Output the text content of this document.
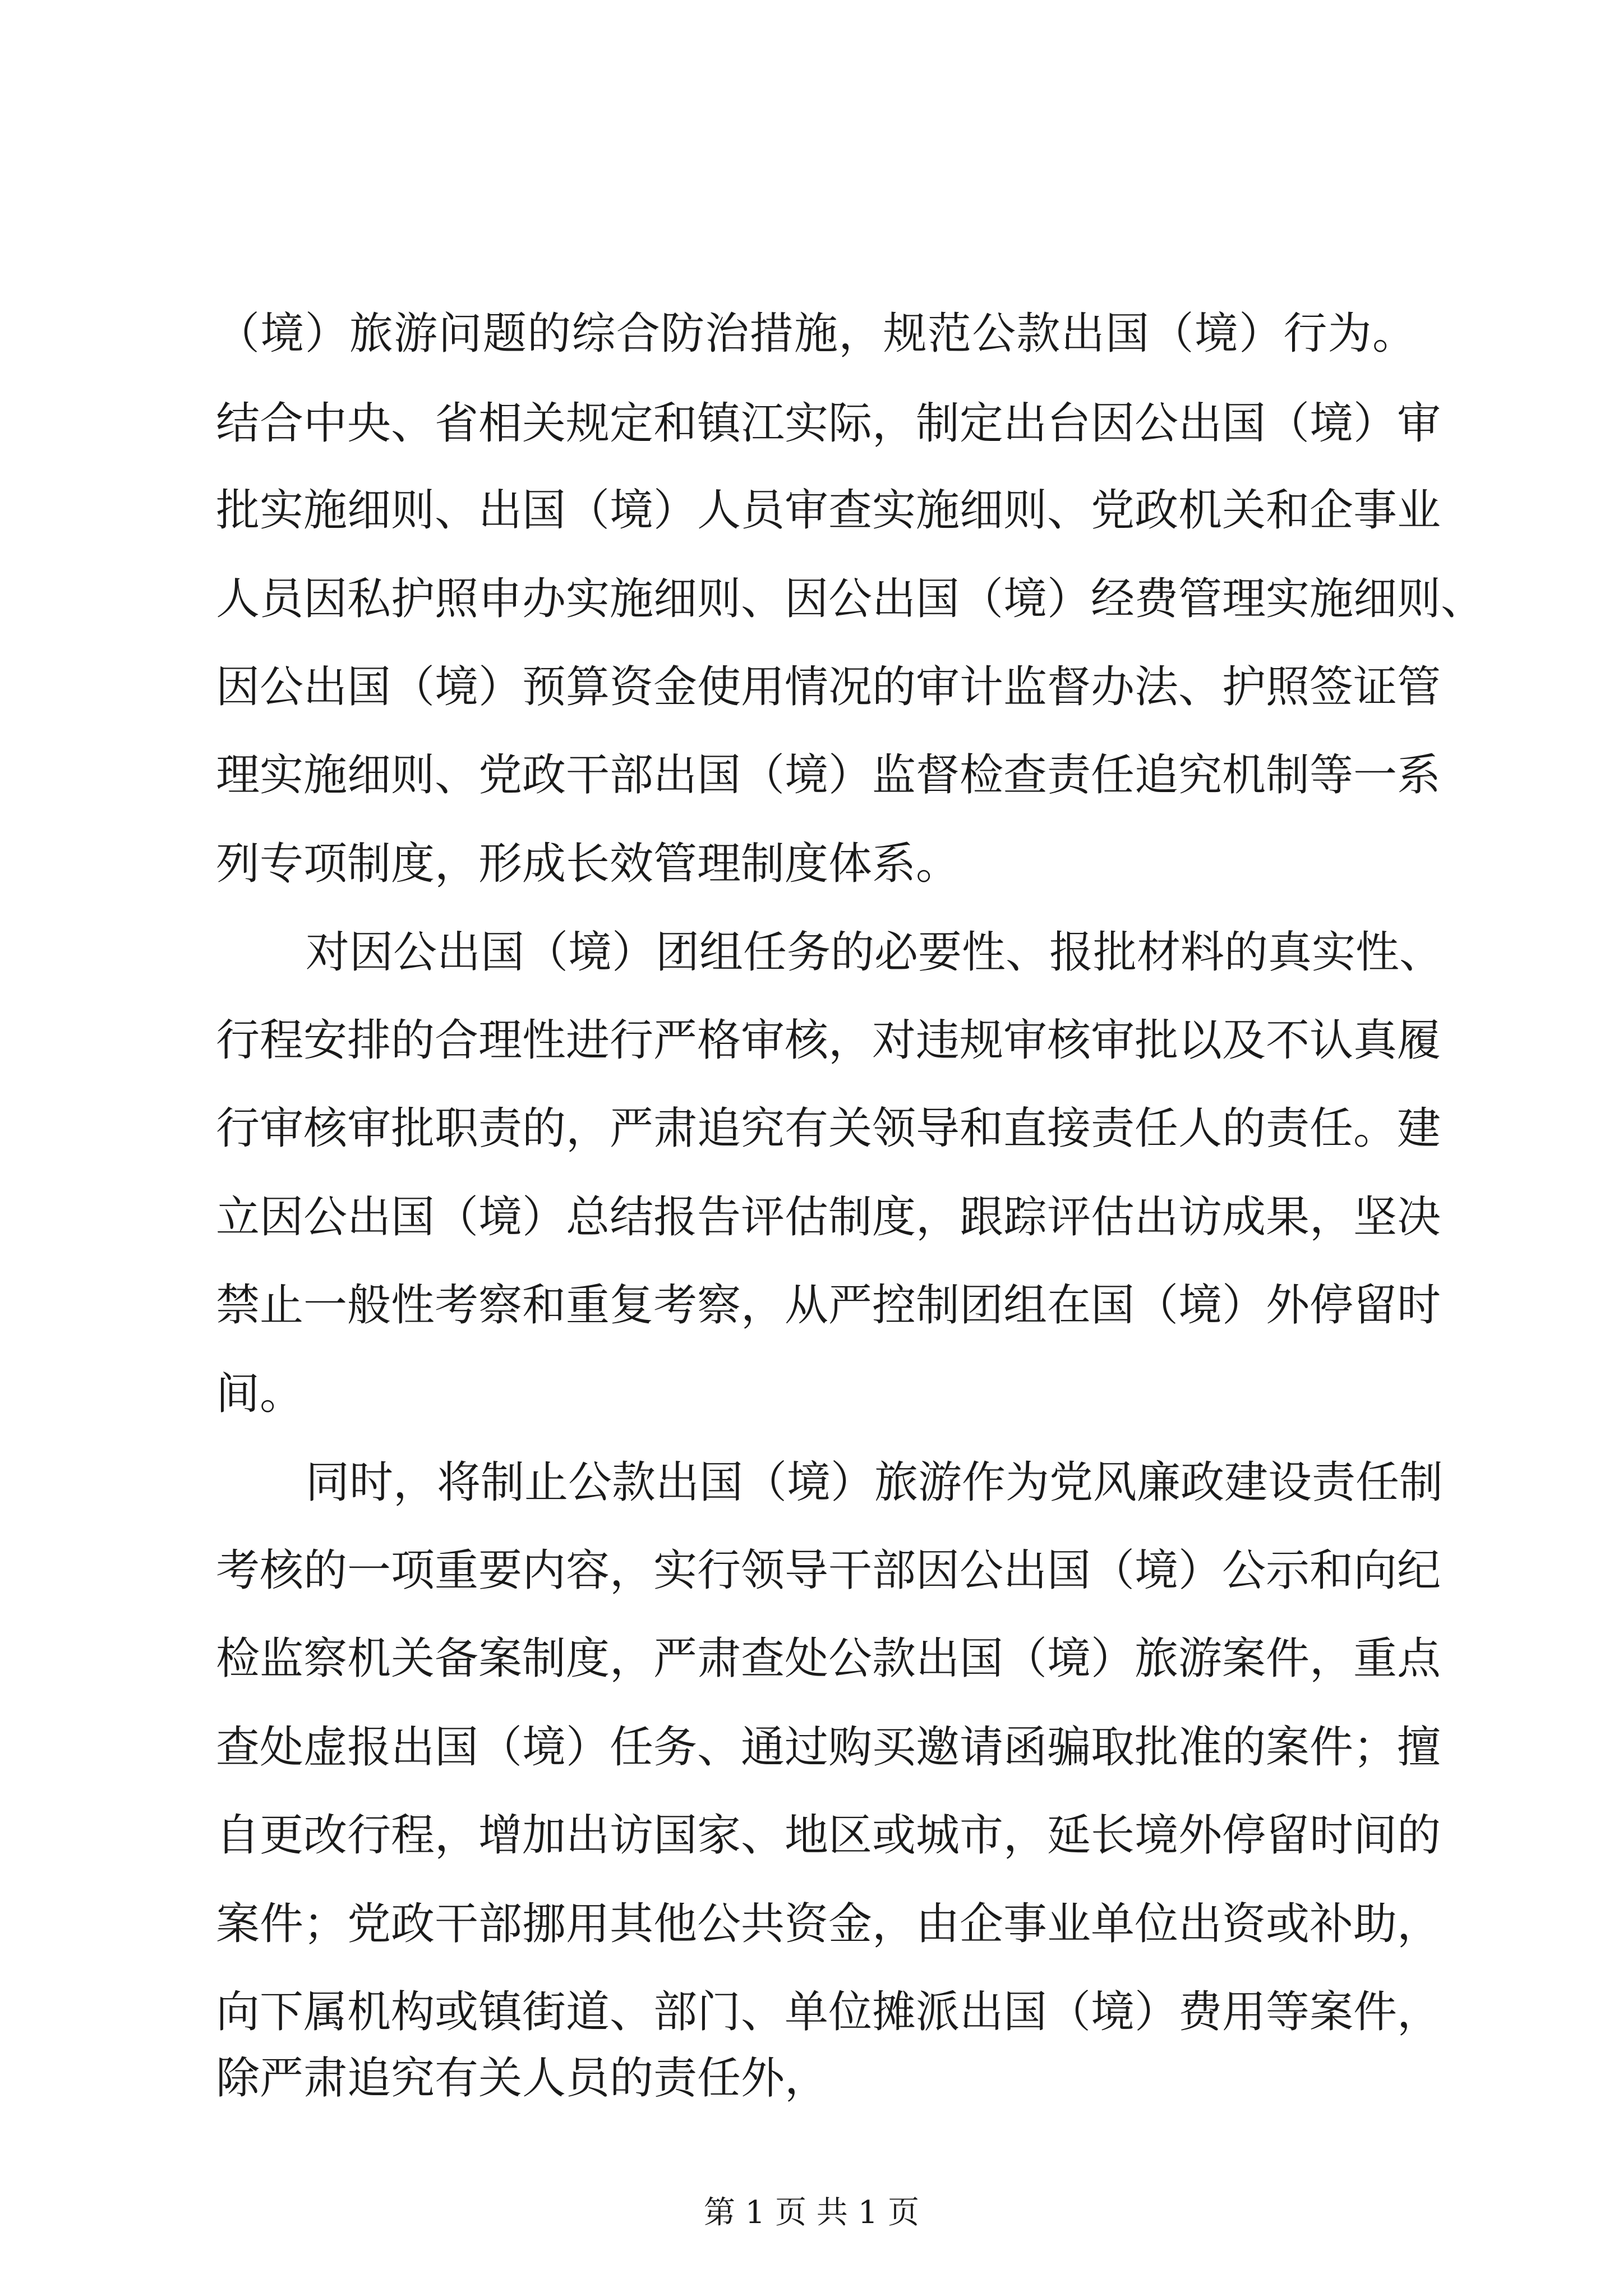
（境）旅游问题的综合防治措施，规范公款出国（境）行为。
结合中央、省相关规定和镇江实际，制定出台因公出国（境）审
批实施细则、出国（境）人员审查实施细则、党政机关和企事业
人员因私护照申办实施细则、因公出国（境）经费管理实施细则、
因公出国（境）预算资金使用情况的审计监督办法、护照签证管
理实施细则、党政干部出国（境）监督检查责任追究机制等一系
列专项制度，形成长效管理制度体系。
对因公出国（境）团组任务的必要性、报批材料的真实性、
行程安排的合理性进行严格审核，对违规审核审批以及不认真履
行审核审批职责的，严肃追究有关领导和直接责任人的责任。建
立因公出国（境）总结报告评估制度，跟踪评估出访成果，坚决
禁止一般性考察和重复考察，从严控制团组在国（境）外停留时
间。
同时，将制止公款出国（境）旅游作为党风廉政建设责任制
考核的一项重要内容，实行领导干部因公出国（境）公示和向纪
检监察机关备案制度，严肃查处公款出国（境）旅游案件，重点
查处虚报出国（境）任务、通过购买邀请函骗取批准的案件；擅
自更改行程，增加出访国家、地区或城市，延长境外停留时间的
案件；党政干部挪用其他公共资金，由企事业单位出资或补助，
向下属机构或镇街道、部门、单位摊派出国（境）费用等案件，
除严肃追究有关人员的责任外，
第 1 页 共 1 页
